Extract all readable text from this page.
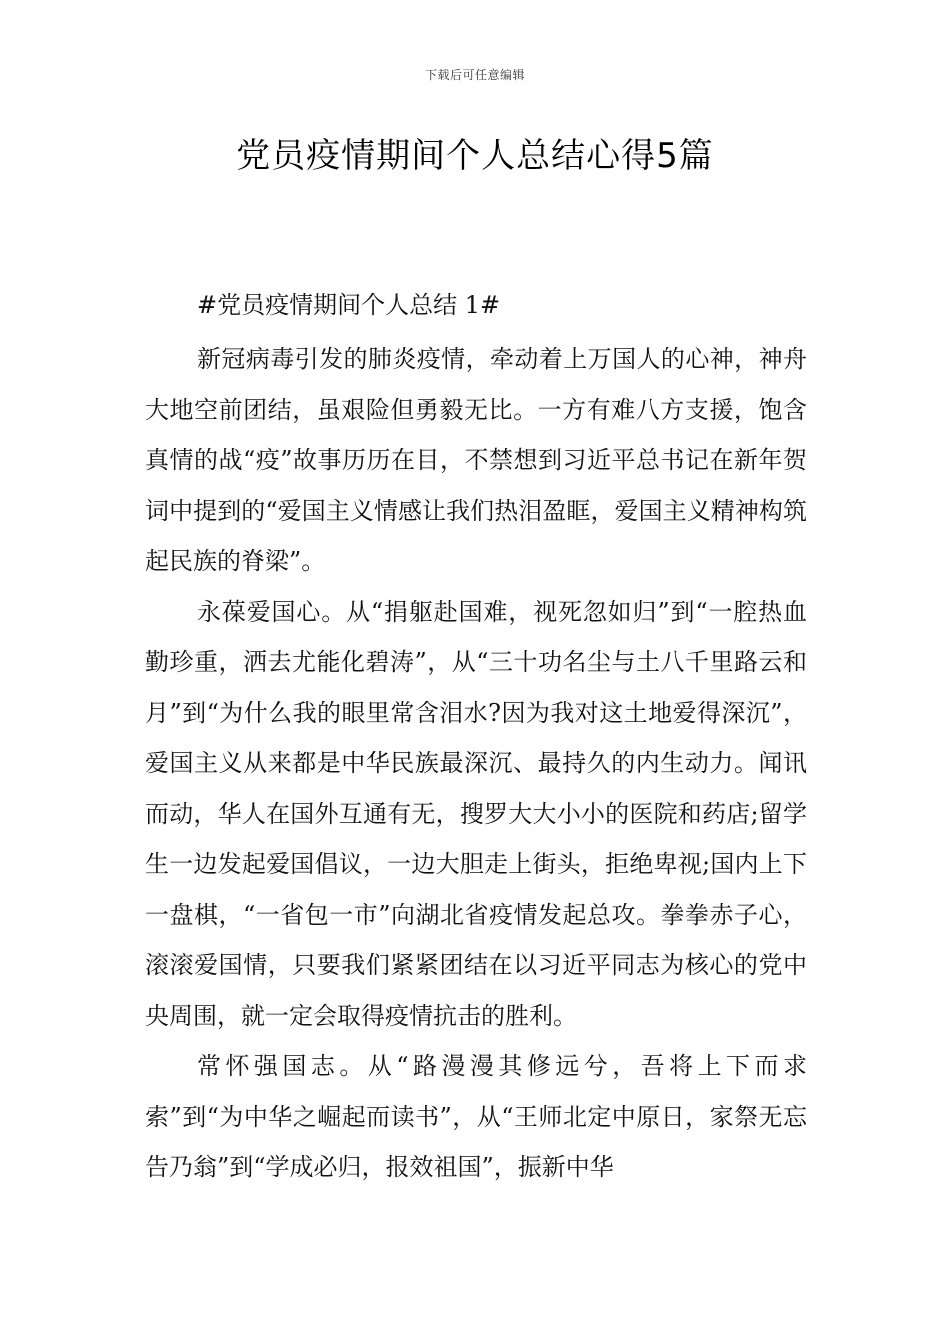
下载后可任意编辑
党员疫情期间个人总结心得5篇

#党员疫情期间个人总结 1#

新冠病毒引发的肺炎疫情，牵动着上万国人的心神，神舟大地空前团结，虽艰险但勇毅无比。一方有难八方支援，饱含真情的战“疫”故事历历在目，不禁想到习近平总书记在新年贺词中提到的“爱国主义情感让我们热泪盈眶，爱国主义精神构筑起民族的脊梁”。

永葆爱国心。从“捐躯赴国难，视死忽如归”到“一腔热血勤珍重，洒去尤能化碧涛”，从“三十功名尘与土八千里路云和月”到“为什么我的眼里常含泪水?因为我对这土地爱得深沉”，爱国主义从来都是中华民族最深沉、最持久的内生动力。闻讯而动，华人在国外互通有无，搜罗大大小小的医院和药店;留学生一边发起爱国倡议，一边大胆走上街头，拒绝卑视;国内上下一盘棋，“一省包一市”向湖北省疫情发起总攻。拳拳赤子心，滚滚爱国情，只要我们紧紧团结在以习近平同志为核心的党中央周围，就一定会取得疫情抗击的胜利。

常怀强国志。从“路漫漫其修远兮，吾将上下而求索”到“为中华之崛起而读书”，从“王师北定中原日，家祭无忘告乃翁”到“学成必归，报效祖国”，振新中华
